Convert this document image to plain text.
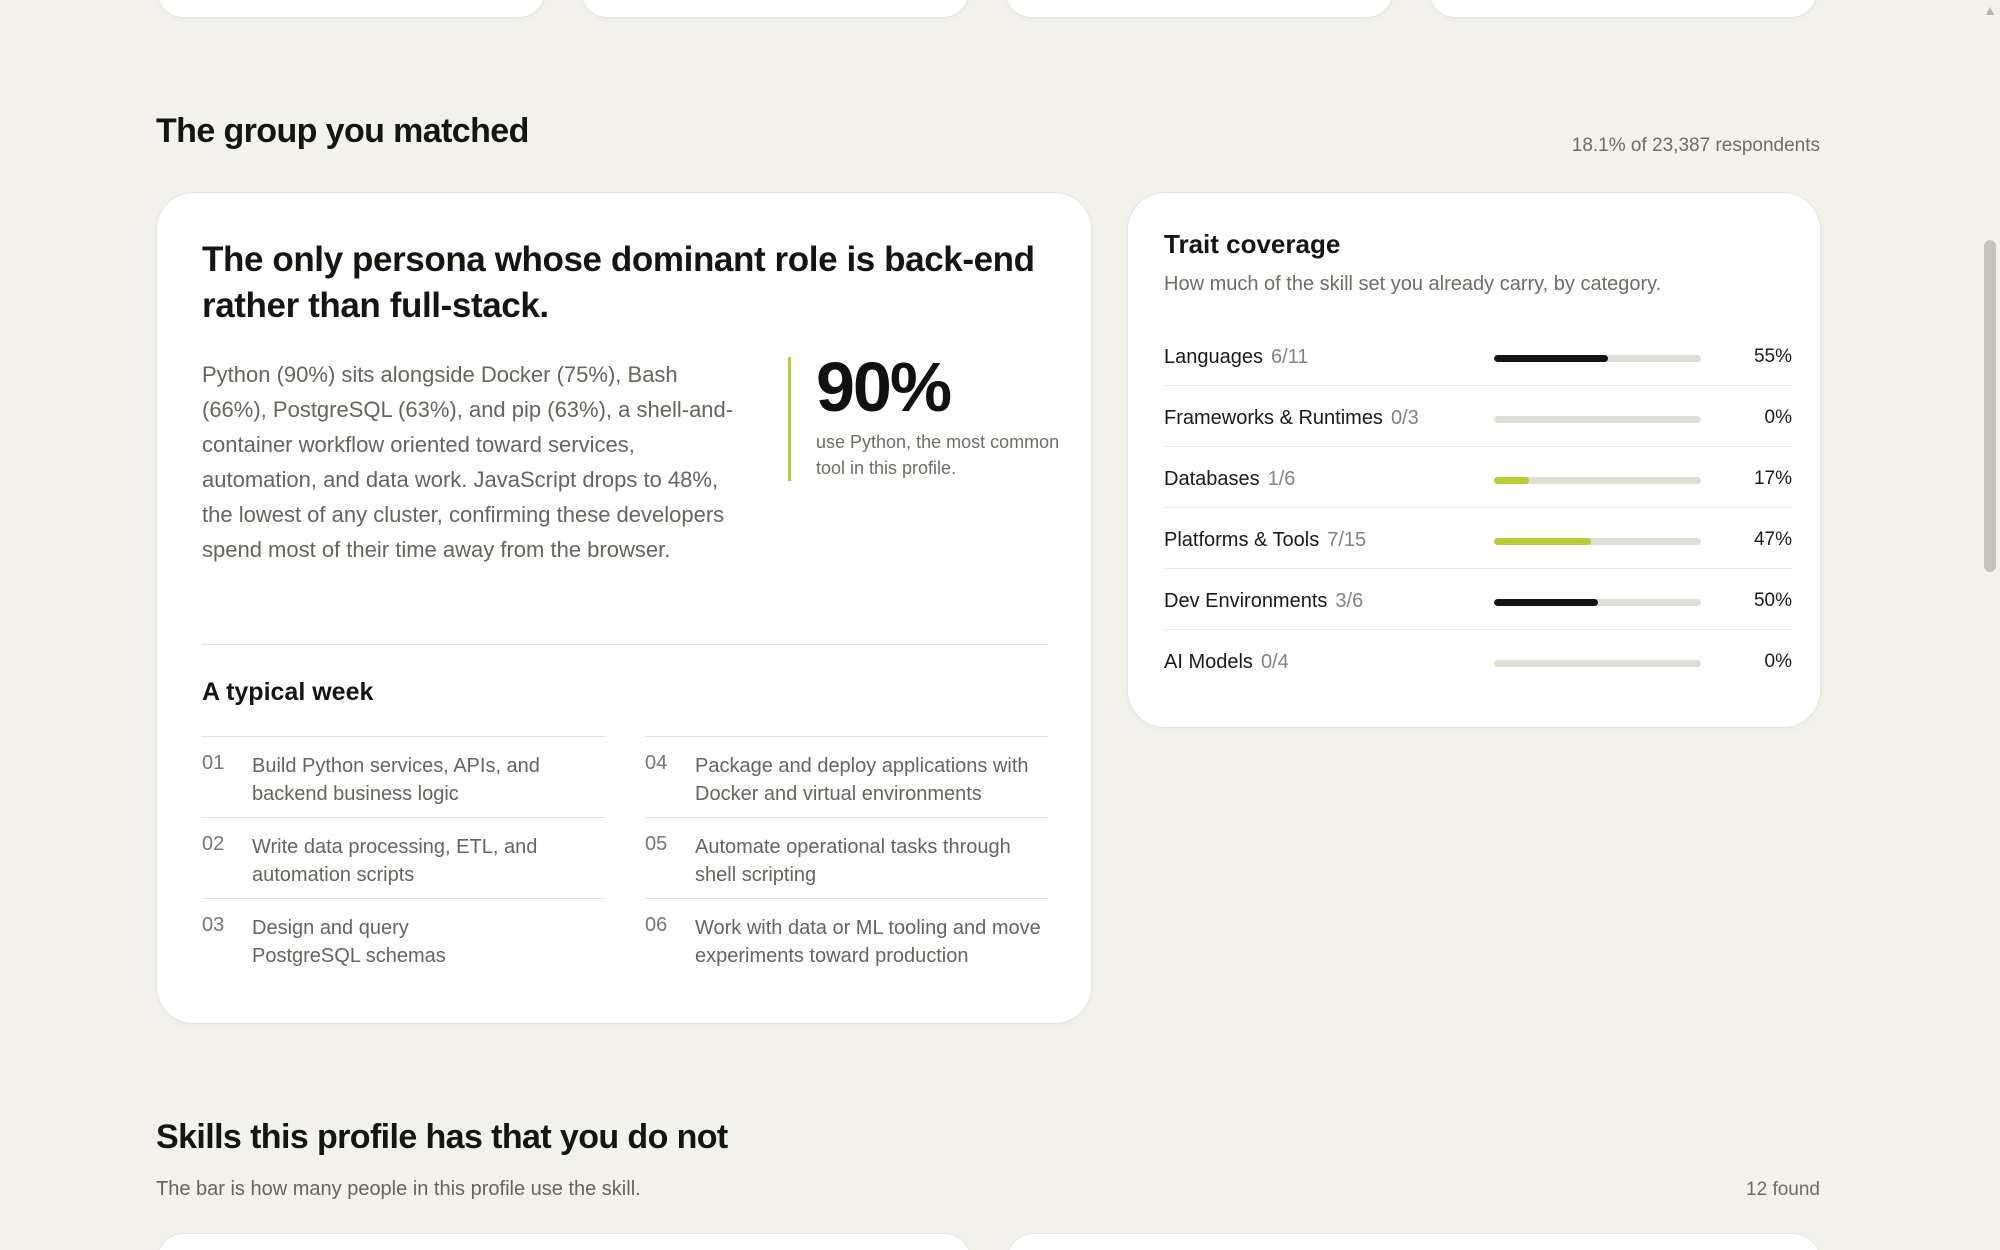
The group you matched	18.1% of 23,387 respondents
The only persona whose dominant role is back-end rather than full-stack.
Python (90%) sits alongside Docker (75%), Bash (66%), PostgreSQL (63%), and pip (63%), a shell-and-container workflow oriented toward services, automation, and data work. JavaScript drops to 48%, the lowest of any cluster, confirming these developers spend most of their time away from the browser.
90%
use Python, the most common tool in this profile.
A typical week
01 Build Python services, APIs, and backend business logic
02 Write data processing, ETL, and automation scripts
03 Design and query PostgreSQL schemas
04 Package and deploy applications with Docker and virtual environments
05 Automate operational tasks through shell scripting
06 Work with data or ML tooling and move experiments toward production
Trait coverage
How much of the skill set you already carry, by category.
Languages 6/11	55%
Frameworks & Runtimes 0/3	0%
Databases 1/6	17%
Platforms & Tools 7/15	47%
Dev Environments 3/6	50%
AI Models 0/4	0%
Skills this profile has that you do not
The bar is how many people in this profile use the skill.	12 found
▲
